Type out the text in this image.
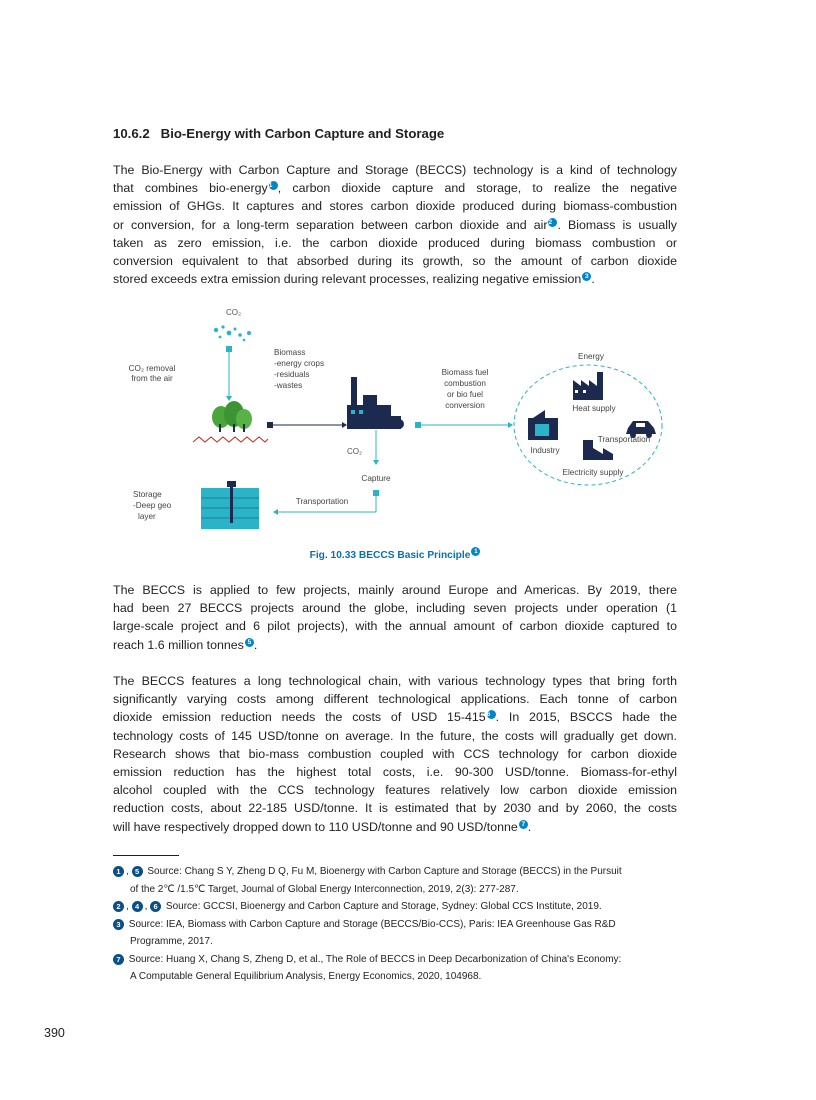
10.6.2 Bio-Energy with Carbon Capture and Storage
The Bio-Energy with Carbon Capture and Storage (BECCS) technology is a kind of technology
that combines bio-energy1 , carbon dioxide capture and storage, to realize the negative
emission of GHGs. It captures and stores carbon dioxide produced during biomass-combustion
or conversion, for a long-term separation between carbon dioxide and air2 . Biomass is usually
taken as zero emission, i.e. the carbon dioxide produced during biomass combustion or
conversion equivalent to that absorbed during its growth, so the amount of carbon dioxide
stored exceeds extra emission during relevant processes, realizing negative emission 3 .
CO₂
CO₂ removal
from the air
Biomass
-energy crops
-residuals
-wastes
CO₂
Capture
Transportation
Storage
-Deep geo
layer
Biomass fuel
combustion
or bio fuel
conversion
Energy
Heat supply
Transportation
Industry
Electricity supply
Fig. 10.33 BECCS Basic Principle 1
The BECCS is applied to few projects, mainly around Europe and Americas. By 2019, there
had been 27 BECCS projects around the globe, including seven projects under operation (1
large-scale project and 6 pilot projects), with the annual amount of carbon dioxide captured to
reach 1.6 million tonnes 5 .
The BECCS features a long technological chain, with various technology types that bring forth
significantly varying costs among different technological applications. Each tonne of carbon
dioxide emission reduction needs the costs of USD 15-4156 . In 2015, BSCCS hade the
technology costs of 145 USD/tonne on average. In the future, the costs will gradually get down.
Research shows that bio-mass combustion coupled with CCS technology for carbon dioxide
emission reduction has the highest total costs, i.e. 90-300 USD/tonne. Biomass-for-ethyl
alcohol coupled with the CCS technology features relatively low carbon dioxide emission
reduction costs, about 22-185 USD/tonne. It is estimated that by 2030 and by 2060, the costs
will have respectively dropped down to 110 USD/tonne and 90 USD/tonne 7 .
1 , 5 Source: Chang S Y, Zheng D Q, Fu M, Bioenergy with Carbon Capture and Storage (BECCS) in the Pursuit
of the 2℃ /1.5℃ Target, Journal of Global Energy Interconnection, 2019, 2(3): 277-287.
2 , 4 , 6 Source: GCCSI, Bioenergy and Carbon Capture and Storage, Sydney: Global CCS Institute, 2019.
3 Source: IEA, Biomass with Carbon Capture and Storage (BECCS/Bio-CCS), Paris: IEA Greenhouse Gas R&D
Programme, 2017.
7 Source: Huang X, Chang S, Zheng D, et al., The Role of BECCS in Deep Decarbonization of China's Economy:
A Computable General Equilibrium Analysis, Energy Economics, 2020, 104968.
390
